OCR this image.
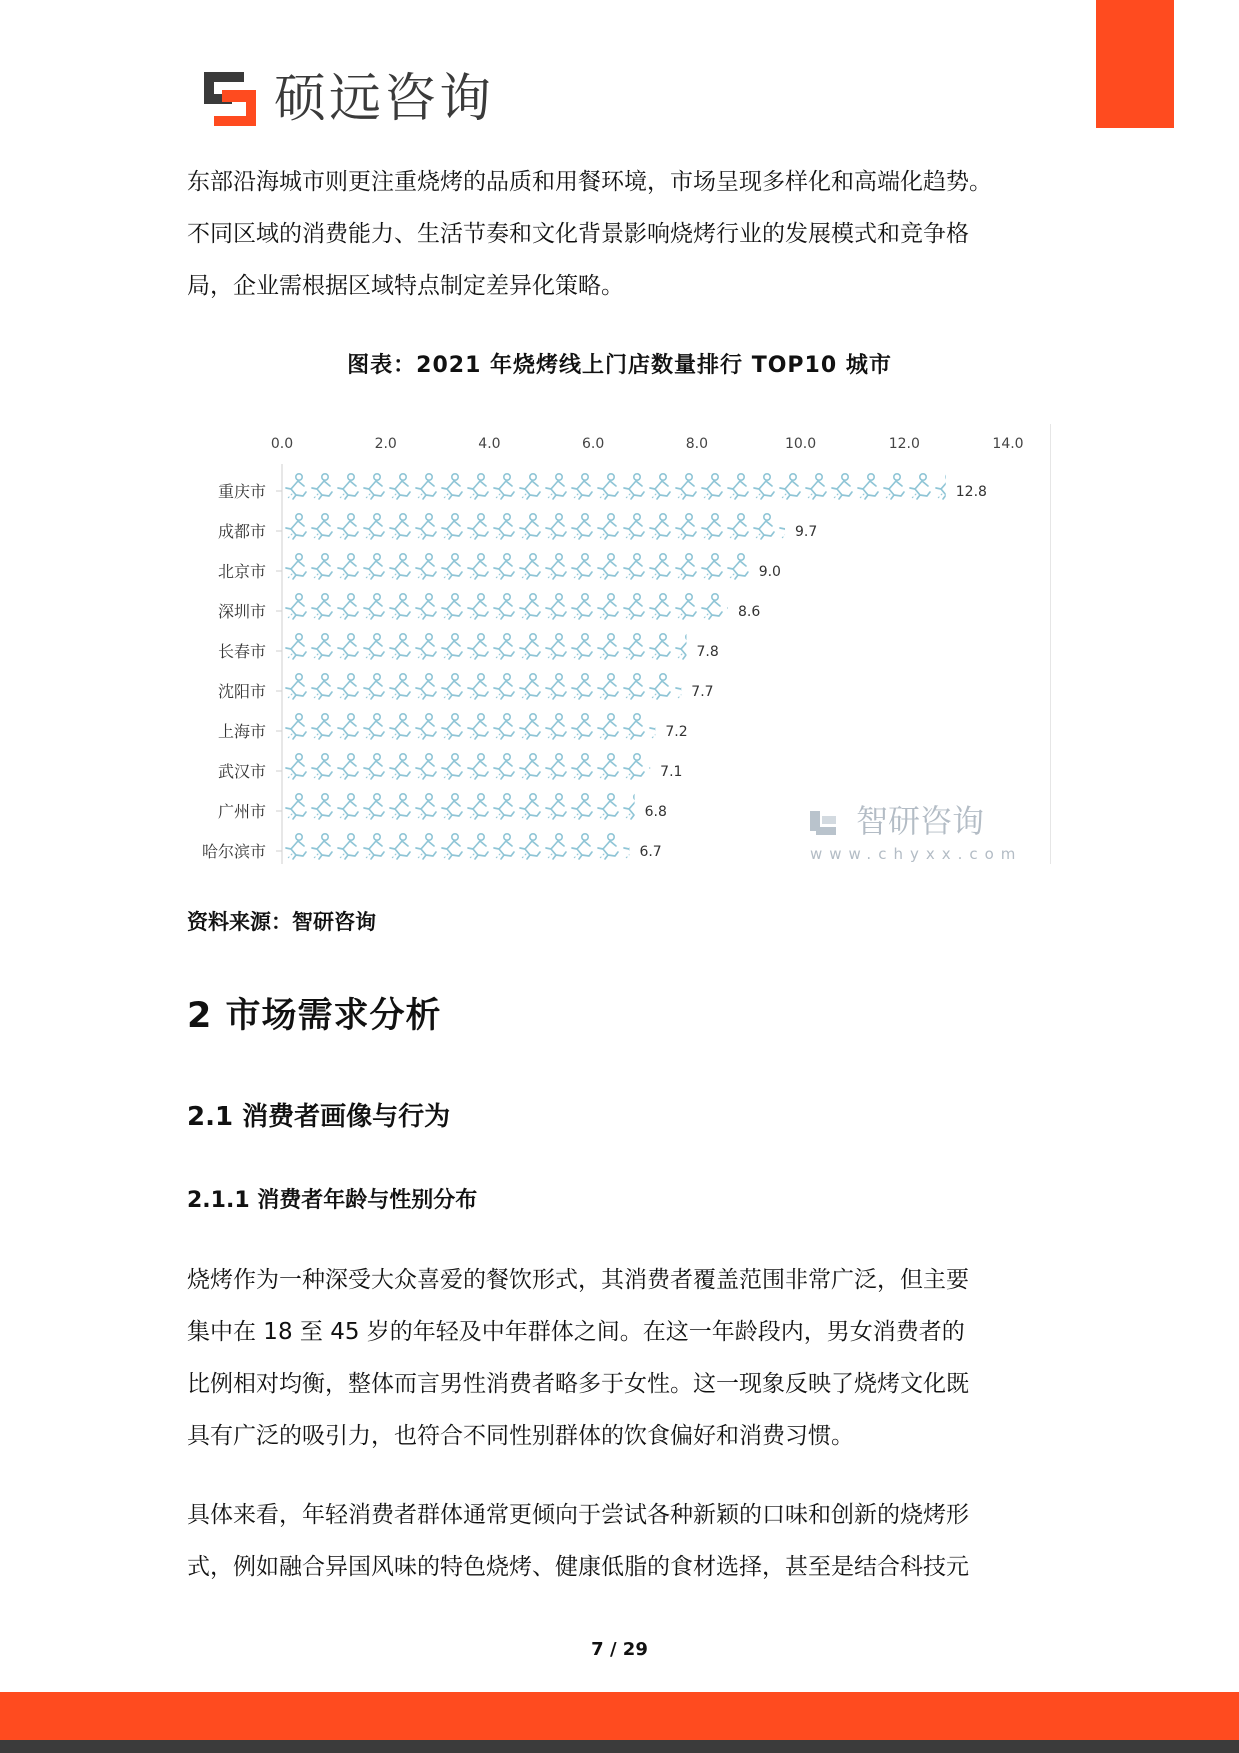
硕远咨询

东部沿海城市则更注重烧烤的品质和用餐环境，市场呈现多样化和高端化趋势。
不同区域的消费能力、生活节奏和文化背景影响烧烤行业的发展模式和竞争格
局，企业需根据区域特点制定差异化策略。

图表：2021 年烧烤线上门店数量排行 TOP10 城市
0.0	2.0	4.0	6.0	8.0	10.0	12.0	14.0
重庆市	12.8
成都市	9.7
北京市	9.0
深圳市	8.6
长春市	7.8
沈阳市	7.7
上海市	7.2
武汉市	7.1
广州市	6.8
哈尔滨市	6.7
智研咨询
www.chyxx.com
资料来源：智研咨询
2 市场需求分析
2.1 消费者画像与行为
2.1.1 消费者年龄与性别分布

烧烤作为一种深受大众喜爱的餐饮形式，其消费者覆盖范围非常广泛，但主要
集中在 18 至 45 岁的年轻及中年群体之间。在这一年龄段内，男女消费者的
比例相对均衡，整体而言男性消费者略多于女性。这一现象反映了烧烤文化既
具有广泛的吸引力，也符合不同性别群体的饮食偏好和消费习惯。

具体来看，年轻消费者群体通常更倾向于尝试各种新颖的口味和创新的烧烤形
式，例如融合异国风味的特色烧烤、健康低脂的食材选择，甚至是结合科技元

7 / 29
